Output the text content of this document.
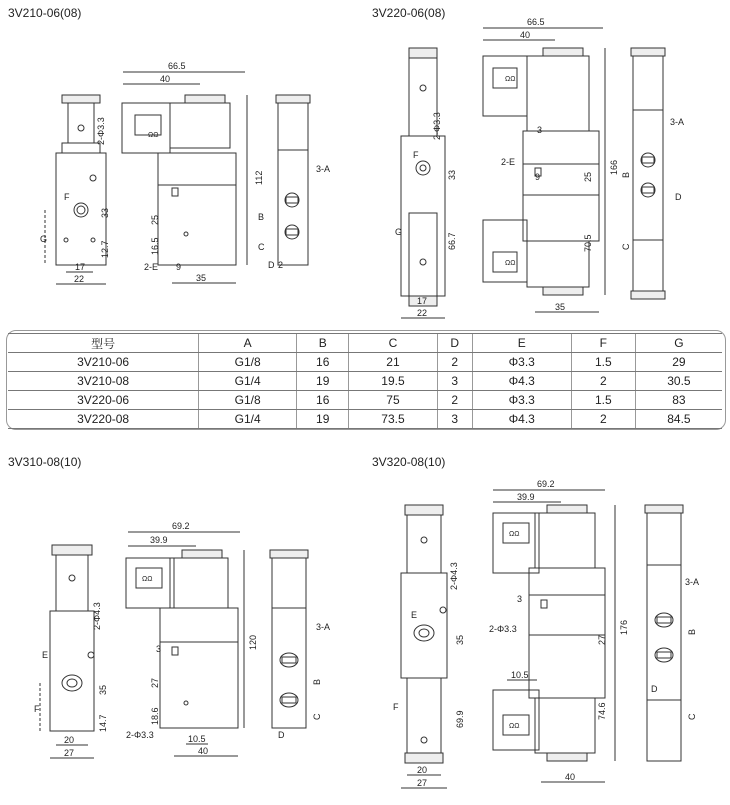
3V210-06(08)	3V220-06(08)
3V310-08(10)	3V320-08(10)
2-Φ3.3
F
G
33
12.7
17
22
ΩΩ
66.5
40
112
25
16.5
2-E 9
35
3-A
B
C
D 2
2-Φ3.3
F
G
33
66.7
17
22
ΩΩ
ΩΩ
66.5
40
166
3
2-E
9	25
70.5
35
3-A
B
C
D
型号	A	B	C	D	E	F	G
3V210-06	G1/8	16	21	2	Φ3.3	1.5	29
3V210-08	G1/4	19	19.5	3	Φ4.3	2	30.5
3V220-06	G1/8	16	75	2	Φ3.3	1.5	83
3V220-08	G1/4	19	73.5	3	Φ4.3	2	84.5
2-Φ4.3
E
F
35
14.7
20
27
ΩΩ
69.2
39.9
120
3
27
18.6
2-Φ3.3	10.5
40
3-A
B
C
D
2-Φ4.3
E
F
35
69.9
20
27
ΩΩ
ΩΩ
69.2
39.9
176
3
2-Φ3.3
27
10.5
74.6
40
3-A
B
C
D
